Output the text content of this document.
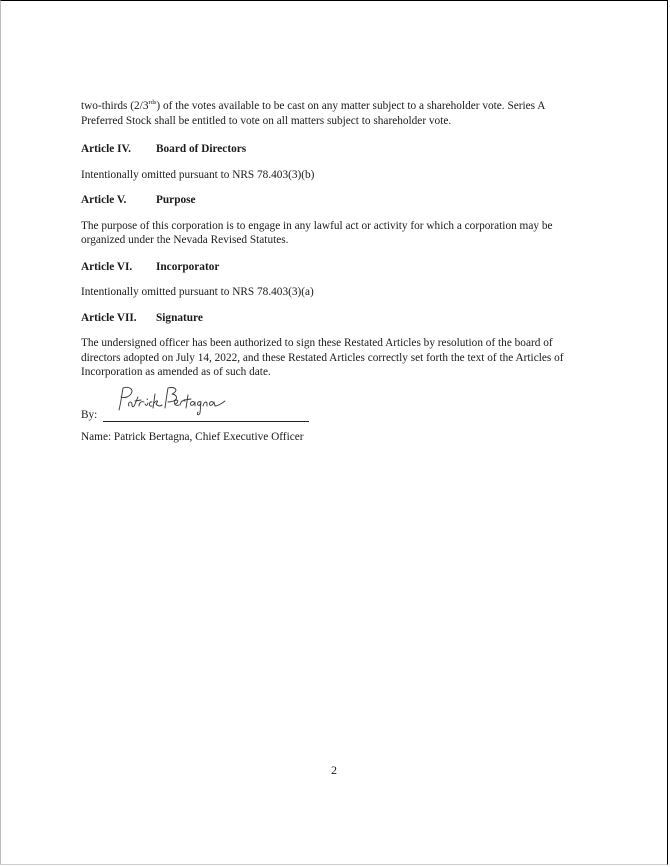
two-thirds $(2/3^{rds})$ of the votes available to be cast on any matter subject to a shareholder vote. Series A Preferred Stock shall be entitled to vote on all matters subject to shareholder vote.

Article IV.	Board of Directors

Intentionally omitted pursuant to NRS 78.403(3)(b)

Article V.	Purpose

The purpose of this corporation is to engage in any lawful act or activity for which a corporation may be organized under the Nevada Revised Statutes.

Article VI.	Incorporator

Intentionally omitted pursuant to NRS 78.403(3)(a)

Article VII.	Signature

The undersigned officer has been authorized to sign these Restated Articles by resolution of the board of directors adopted on July 14, 2022, and these Restated Articles correctly set forth the text of the Articles of Incorporation as amended as of such date.

By:

Name: Patrick Bertagna, Chief Executive Officer

2
